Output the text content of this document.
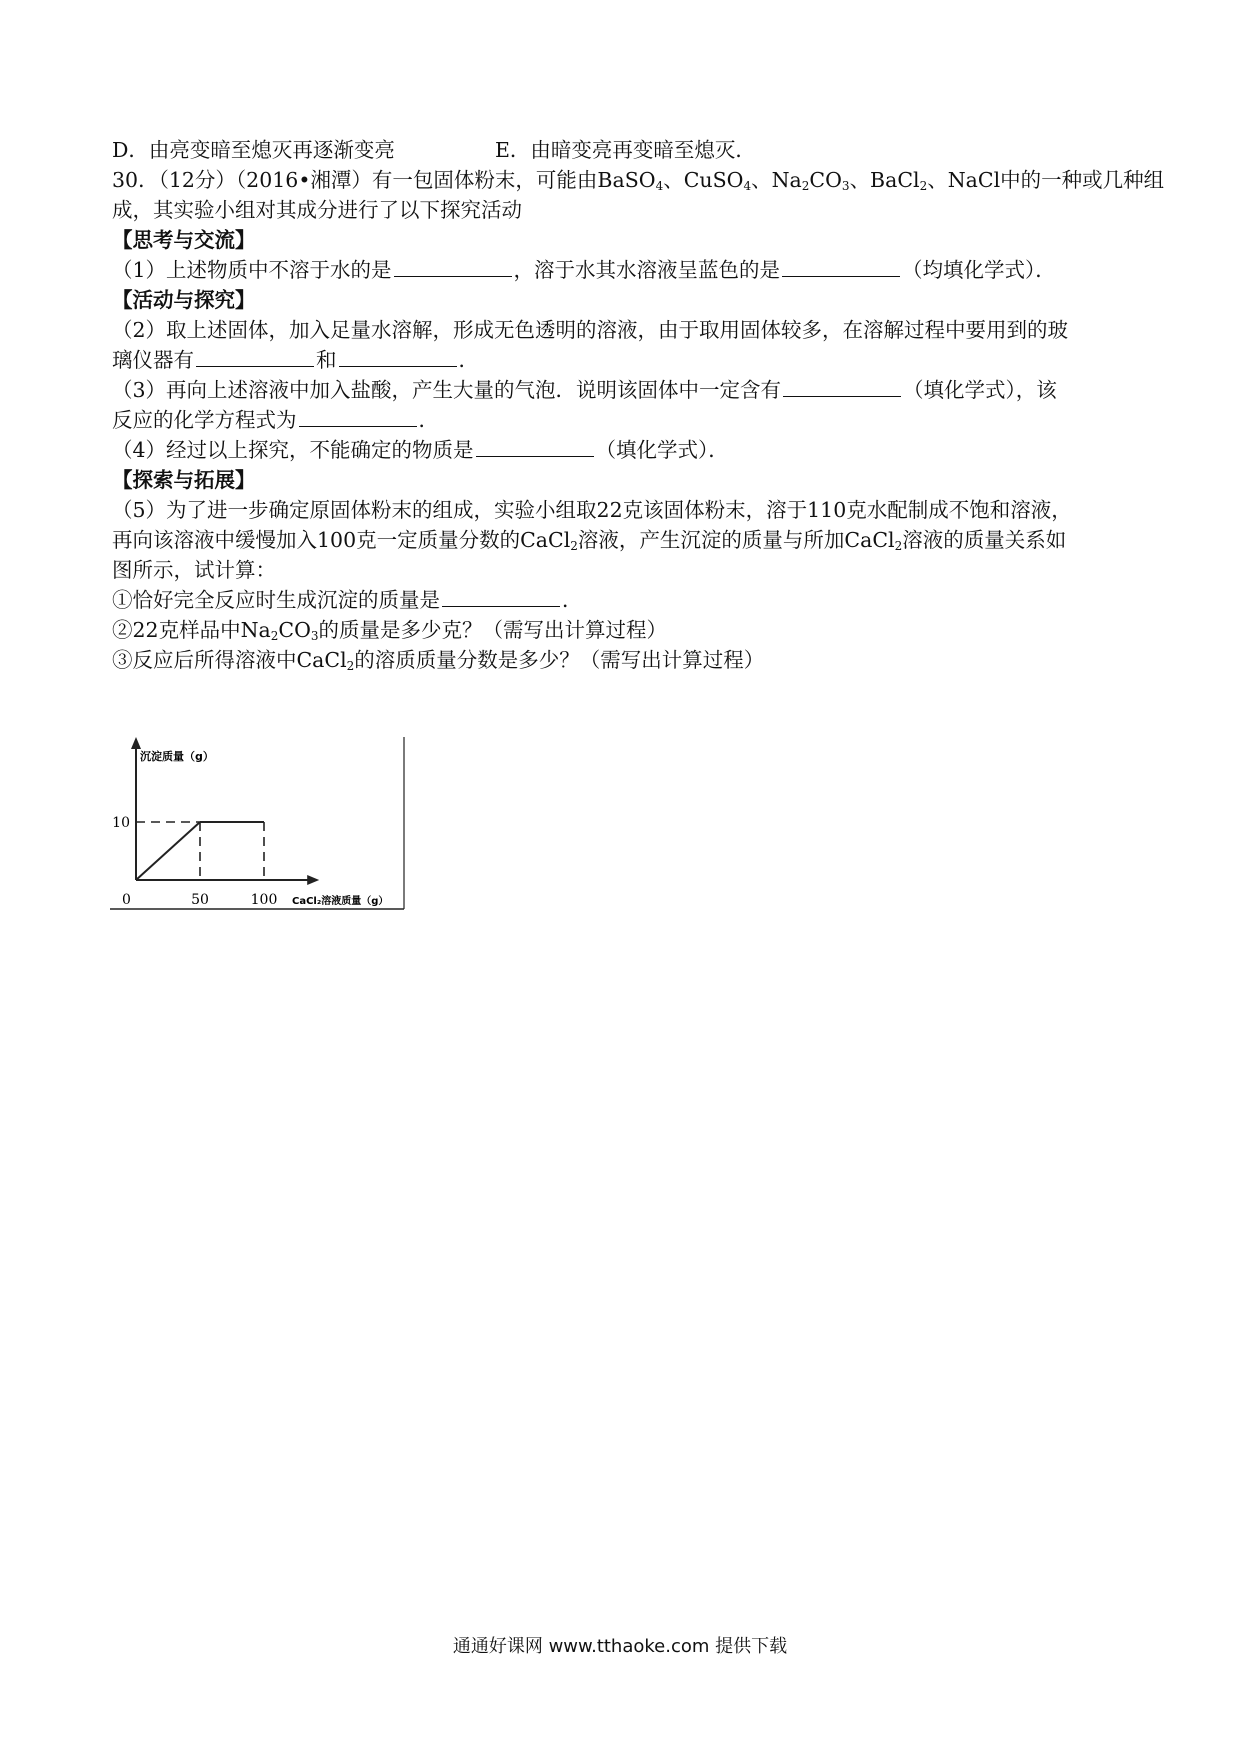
D．由亮变暗至熄灭再逐渐变亮	E．由暗变亮再变暗至熄灭．
30．（12分）（2016•湘潭）有一包固体粉末，可能由BaSO$_4$、CuSO$_4$、$Na_2CO_3$、BaCl$_2$、NaCl中的一种或几种组
成，其实验小组对其成分进行了以下探究活动
【思考与交流】
（1）上述物质中不溶于水的是	，溶于水其水溶液呈蓝色的是	（均填化学式）．
【活动与探究】
（2）取上述固体，加入足量水溶解，形成无色透明的溶液，由于取用固体较多，在溶解过程中要用到的玻
璃仪器有	和	．
（3）再向上述溶液中加入盐酸，产生大量的气泡．说明该固体中一定含有	（填化学式），该
反应的化学方程式为	．
（4）经过以上探究，不能确定的物质是	（填化学式）．
【探索与拓展】
（5）为了进一步确定原固体粉末的组成，实验小组取22克该固体粉末，溶于110克水配制成不饱和溶液，
再向该溶液中缓慢加入100克一定质量分数的CaCl$_2$溶液，产生沉淀的质量与所加CaCl$_2$溶液的质量关系如
图所示，试计算：
①恰好完全反应时生成沉淀的质量是	．
②22克样品中$Na_2CO_3$的质量是多少克？（需写出计算过程）
③反应后所得溶液中CaCl$_2$的溶质质量分数是多少？（需写出计算过程）
10
0	50	100
沉淀质量（g）
CaCl₂溶液质量（g）
通通好课网 www.tthaoke.com 提供下载
